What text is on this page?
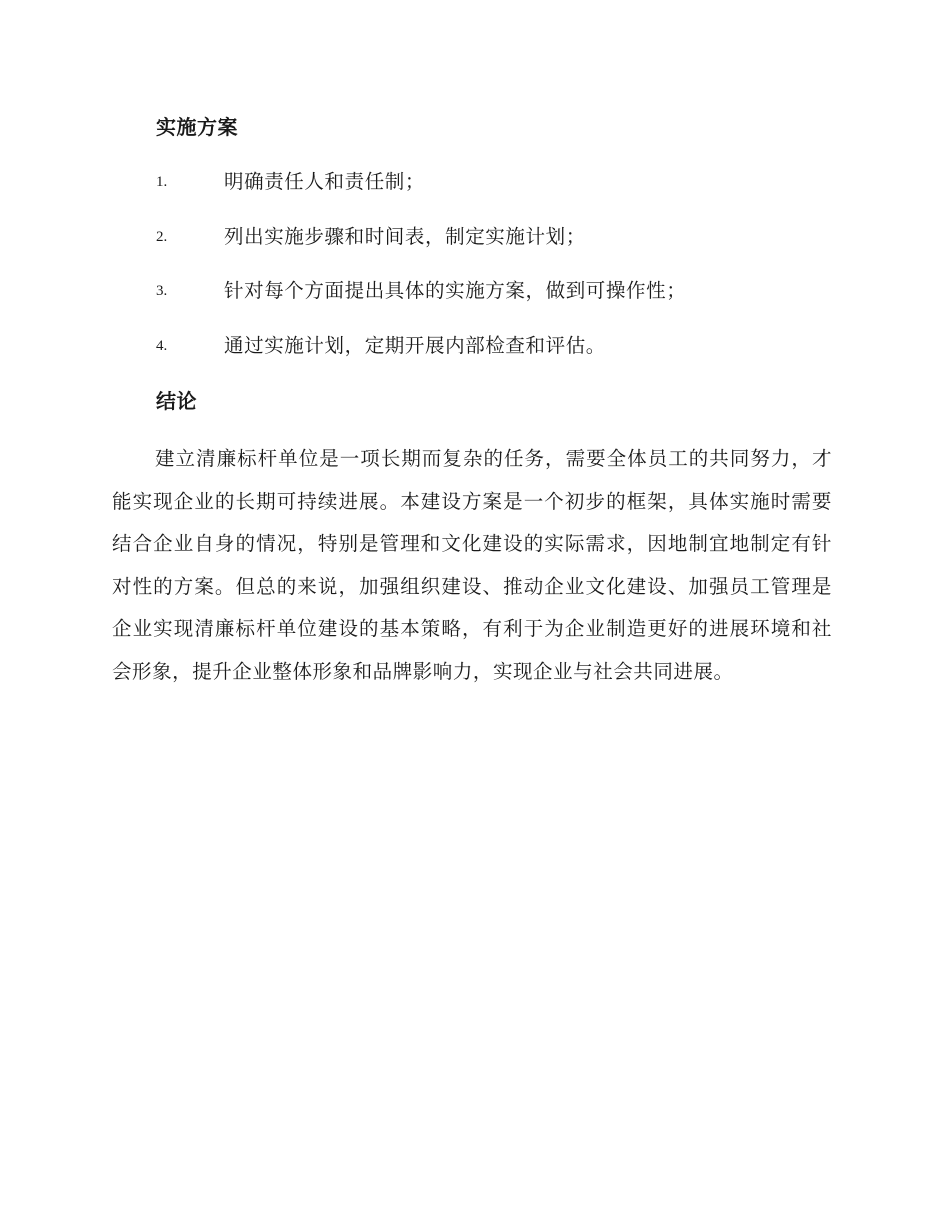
实施方案
1.	明确责任人和责任制；
2.	列出实施步骤和时间表，制定实施计划；
3.	针对每个方面提出具体的实施方案，做到可操作性；
4.	通过实施计划，定期开展内部检查和评估。
结论

建立清廉标杆单位是一项长期而复杂的任务，需要全体员工的共同努力，才能实现企业的长期可持续进展。本建设方案是一个初步的框架，具体实施时需要结合企业自身的情况，特别是管理和文化建设的实际需求，因地制宜地制定有针对性的方案。但总的来说，加强组织建设、推动企业文化建设、加强员工管理是企业实现清廉标杆单位建设的基本策略，有利于为企业制造更好的进展环境和社会形象，提升企业整体形象和品牌影响力，实现企业与社会共同进展。
